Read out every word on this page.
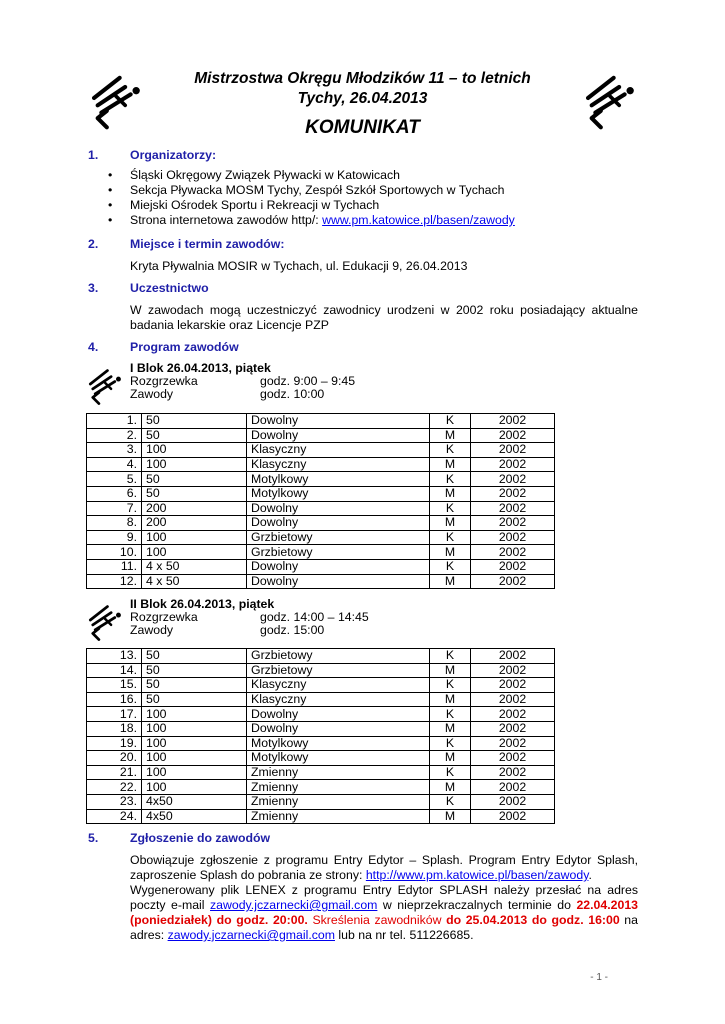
Mistrzostwa Okręgu Młodzików 11 – to letnich
Tychy, 26.04.2013
KOMUNIKAT
1.	Organizatorzy:
• Śląski Okręgowy Związek Pływacki w Katowicach
• Sekcja Pływacka MOSM Tychy, Zespół Szkół Sportowych w Tychach
• Miejski Ośrodek Sportu i Rekreacji w Tychach
• Strona internetowa zawodów http/: www.pm.katowice.pl/basen/zawody
2.	Miejsce i termin zawodów:
Kryta Pływalnia MOSIR w Tychach, ul. Edukacji 9, 26.04.2013
3.	Uczestnictwo
W zawodach mogą uczestniczyć zawodnicy urodzeni w 2002 roku posiadający aktualne badania lekarskie oraz Licencje PZP
4.	Program zawodów
I Blok 26.04.2013, piątek
Rozgrzewka	godz. 9:00 – 9:45
Zawody	godz. 10:00
1.	50	Dowolny	K	2002
2.	50	Dowolny	M	2002
3.	100	Klasyczny	K	2002
4.	100	Klasyczny	M	2002
5.	50	Motylkowy	K	2002
6.	50	Motylkowy	M	2002
7.	200	Dowolny	K	2002
8.	200	Dowolny	M	2002
9.	100	Grzbietowy	K	2002
10.	100	Grzbietowy	M	2002
11.	4 x 50	Dowolny	K	2002
12.	4 x 50	Dowolny	M	2002
II Blok 26.04.2013, piątek
Rozgrzewka	godz. 14:00 – 14:45
Zawody	godz. 15:00
13.	50	Grzbietowy	K	2002
14.	50	Grzbietowy	M	2002
15.	50	Klasyczny	K	2002
16.	50	Klasyczny	M	2002
17.	100	Dowolny	K	2002
18.	100	Dowolny	M	2002
19.	100	Motylkowy	K	2002
20.	100	Motylkowy	M	2002
21.	100	Zmienny	K	2002
22.	100	Zmienny	M	2002
23.	4x50	Zmienny	K	2002
24.	4x50	Zmienny	M	2002
5.	Zgłoszenie do zawodów
Obowiązuje zgłoszenie z programu Entry Edytor – Splash. Program Entry Edytor Splash, zaproszenie Splash do pobrania ze strony: http://www.pm.katowice.pl/basen/zawody.
Wygenerowany plik LENEX z programu Entry Edytor SPLASH należy przesłać na adres poczty e-mail zawody.jczarnecki@gmail.com w nieprzekraczalnych terminie do 22.04.2013 (poniedziałek) do godz. 20:00. Skreślenia zawodników do 25.04.2013 do godz. 16:00 na adres: zawody.jczarnecki@gmail.com lub na nr tel. 511226685.
- 1 -
